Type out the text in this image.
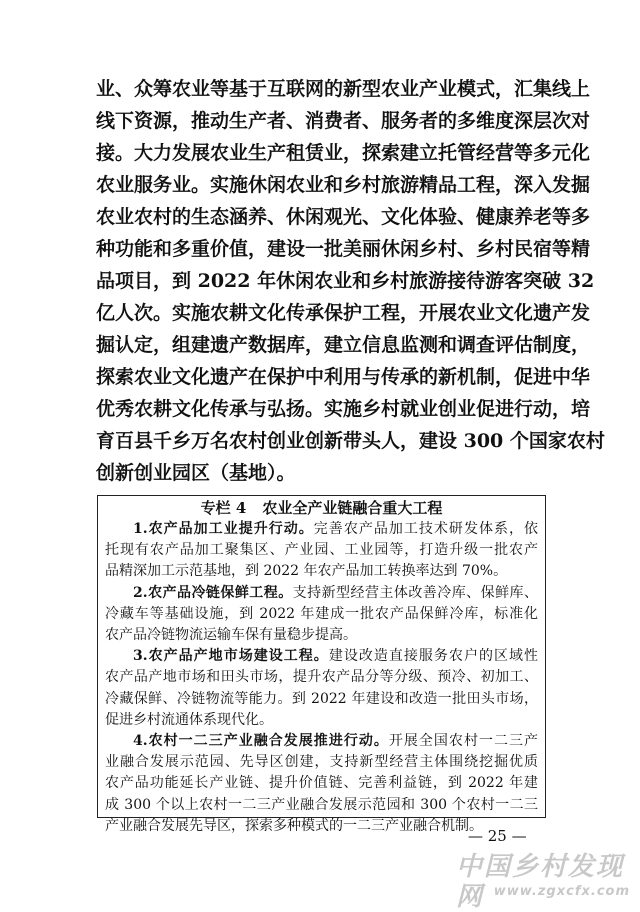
业、众筹农业等基于互联网的新型农业产业模式，汇集线上
线下资源，推动生产者、消费者、服务者的多维度深层次对
接。大力发展农业生产租赁业，探索建立托管经营等多元化
农业服务业。实施休闲农业和乡村旅游精品工程，深入发掘
农业农村的生态涵养、休闲观光、文化体验、健康养老等多
种功能和多重价值，建设一批美丽休闲乡村、乡村民宿等精
品项目，到 2022 年休闲农业和乡村旅游接待游客突破 32
亿人次。实施农耕文化传承保护工程，开展农业文化遗产发
掘认定，组建遗产数据库，建立信息监测和调查评估制度，
探索农业文化遗产在保护中利用与传承的新机制，促进中华
优秀农耕文化传承与弘扬。实施乡村就业创业促进行动，培
育百县千乡万名农村创业创新带头人，建设 300 个国家农村
创新创业园区（基地）。
专栏 4 农业全产业链融合重大工程
1.农产品加工业提升行动。完善农产品加工技术研发体系，依
托现有农产品加工聚集区、产业园、工业园等，打造升级一批农产
品精深加工示范基地，到 2022 年农产品加工转换率达到 70%。
2.农产品冷链保鲜工程。支持新型经营主体改善冷库、保鲜库、
冷藏车等基础设施，到 2022 年建成一批农产品保鲜冷库，标准化
农产品冷链物流运输车保有量稳步提高。
3.农产品产地市场建设工程。建设改造直接服务农户的区域性
农产品产地市场和田头市场，提升农产品分等分级、预冷、初加工、
冷藏保鲜、冷链物流等能力。到 2022 年建设和改造一批田头市场，
促进乡村流通体系现代化。
4.农村一二三产业融合发展推进行动。开展全国农村一二三产
业融合发展示范园、先导区创建，支持新型经营主体围绕挖掘优质
农产品功能延长产业链、提升价值链、完善利益链，到 2022 年建
成 300 个以上农村一二三产业融合发展示范园和 300 个农村一二三
产业融合发展先导区，探索多种模式的一二三产业融合机制。
— 25 —
中国乡村发现网 www.zgxcfx.com
